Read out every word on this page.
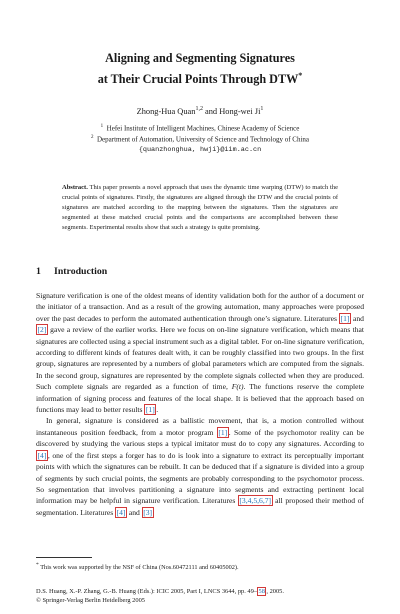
Aligning and Segmenting Signatures
at Their Crucial Points Through DTW*
Zhong-Hua Quan$^{1,2}$ and Hong-wei Ji$^1$
$^1$ Hefei Institute of Intelligent Machines, Chinese Academy of Science
$^2$ Department of Automation, University of Science and Technology of China
{quanzhonghua, hwji}@iim.ac.cn
Abstract. This paper presents a novel approach that uses the dynamic time warping (DTW) to match the crucial points of signatures. Firstly, the signatures are aligned through the DTW and the crucial points of signatures are matched according to the mapping between the signatures. Then the signatures are segmented at these matched crucial points and the comparisons are accomplished between these segments. Experimental results show that such a strategy is quite promising.
1 Introduction

Signature verification is one of the oldest means of identity validation both for the author of a document or the initiator of a transaction. And as a result of the growing automation, many approaches were proposed over the past decades to perform the automated authentication through one’s signature. Literatures [1] and [2] gave a review of the earlier works. Here we focus on on-line signature verification, which means that signatures are collected using a special instrument such as a digital tablet. For on-line signature verification, according to different kinds of features dealt with, it can be roughly classified into two groups. In the first group, signatures are represented by a numbers of global parameters which are computed from the signals. In the second group, signatures are represented by the complete signals collected when they are produced. Such complete signals are regarded as a function of time, F(t). The functions reserve the complete information of signing process and features of the local shape. It is believed that the approach based on functions may lead to better results [1] .

In general, signature is considered as a ballistic movement, that is, a motion controlled without instantaneous position feedback, from a motor program [1] . Some of the psychomotor reality can be discovered by studying the various steps a typical imitator must do to copy any signatures. According to [4] , one of the first steps a forger has to do is look into a signature to extract its perceptually important points with which the signatures can be rebuilt. It can be deduced that if a signature is divided into a group of segments by such crucial points, the segments are probably corresponding to the psychomotor process. So segmentation that involves partitioning a signature into segments and extracting pertinent local information may be helpful in signature verification. Literatures [3,4,5,6,7] all proposed their method of segmentation. Literatures [4] and [3]

* This work was supported by the NSF of China (Nos.60472111 and 60405002).
D.S. Huang, X.-P. Zhang, G.-B. Huang (Eds.): ICIC 2005, Part I, LNCS 3644, pp. 49– 58 , 2005.
© Springer-Verlag Berlin Heidelberg 2005
